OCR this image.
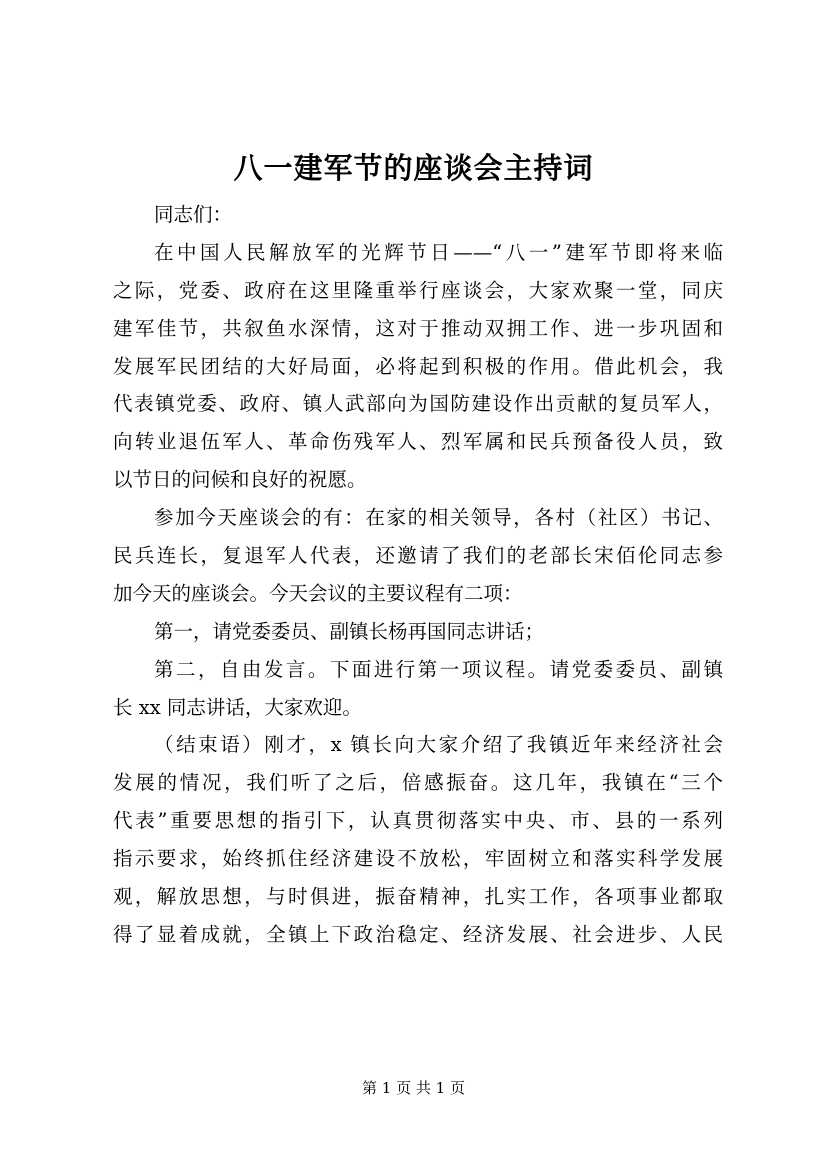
八一建军节的座谈会主持词
同志们：
在中国人民解放军的光辉节日——“八一”建军节即将来临
之际，党委、政府在这里隆重举行座谈会，大家欢聚一堂，同庆
建军佳节，共叙鱼水深情，这对于推动双拥工作、进一步巩固和
发展军民团结的大好局面，必将起到积极的作用。借此机会，我
代表镇党委、政府、镇人武部向为国防建设作出贡献的复员军人，
向转业退伍军人、革命伤残军人、烈军属和民兵预备役人员，致
以节日的问候和良好的祝愿。
参加今天座谈会的有：在家的相关领导，各村（社区）书记、
民兵连长，复退军人代表，还邀请了我们的老部长宋佰伦同志参
加今天的座谈会。今天会议的主要议程有二项：
第一，请党委委员、副镇长杨再国同志讲话；
第二，自由发言。下面进行第一项议程。请党委委员、副镇
长 xx 同志讲话，大家欢迎。
（结束语）刚才，x 镇长向大家介绍了我镇近年来经济社会
发展的情况，我们听了之后，倍感振奋。这几年，我镇在“三个
代表”重要思想的指引下，认真贯彻落实中央、市、县的一系列
指示要求，始终抓住经济建设不放松，牢固树立和落实科学发展
观，解放思想，与时俱进，振奋精神，扎实工作，各项事业都取
得了显着成就，全镇上下政治稳定、经济发展、社会进步、人民
第 1 页 共 1 页
